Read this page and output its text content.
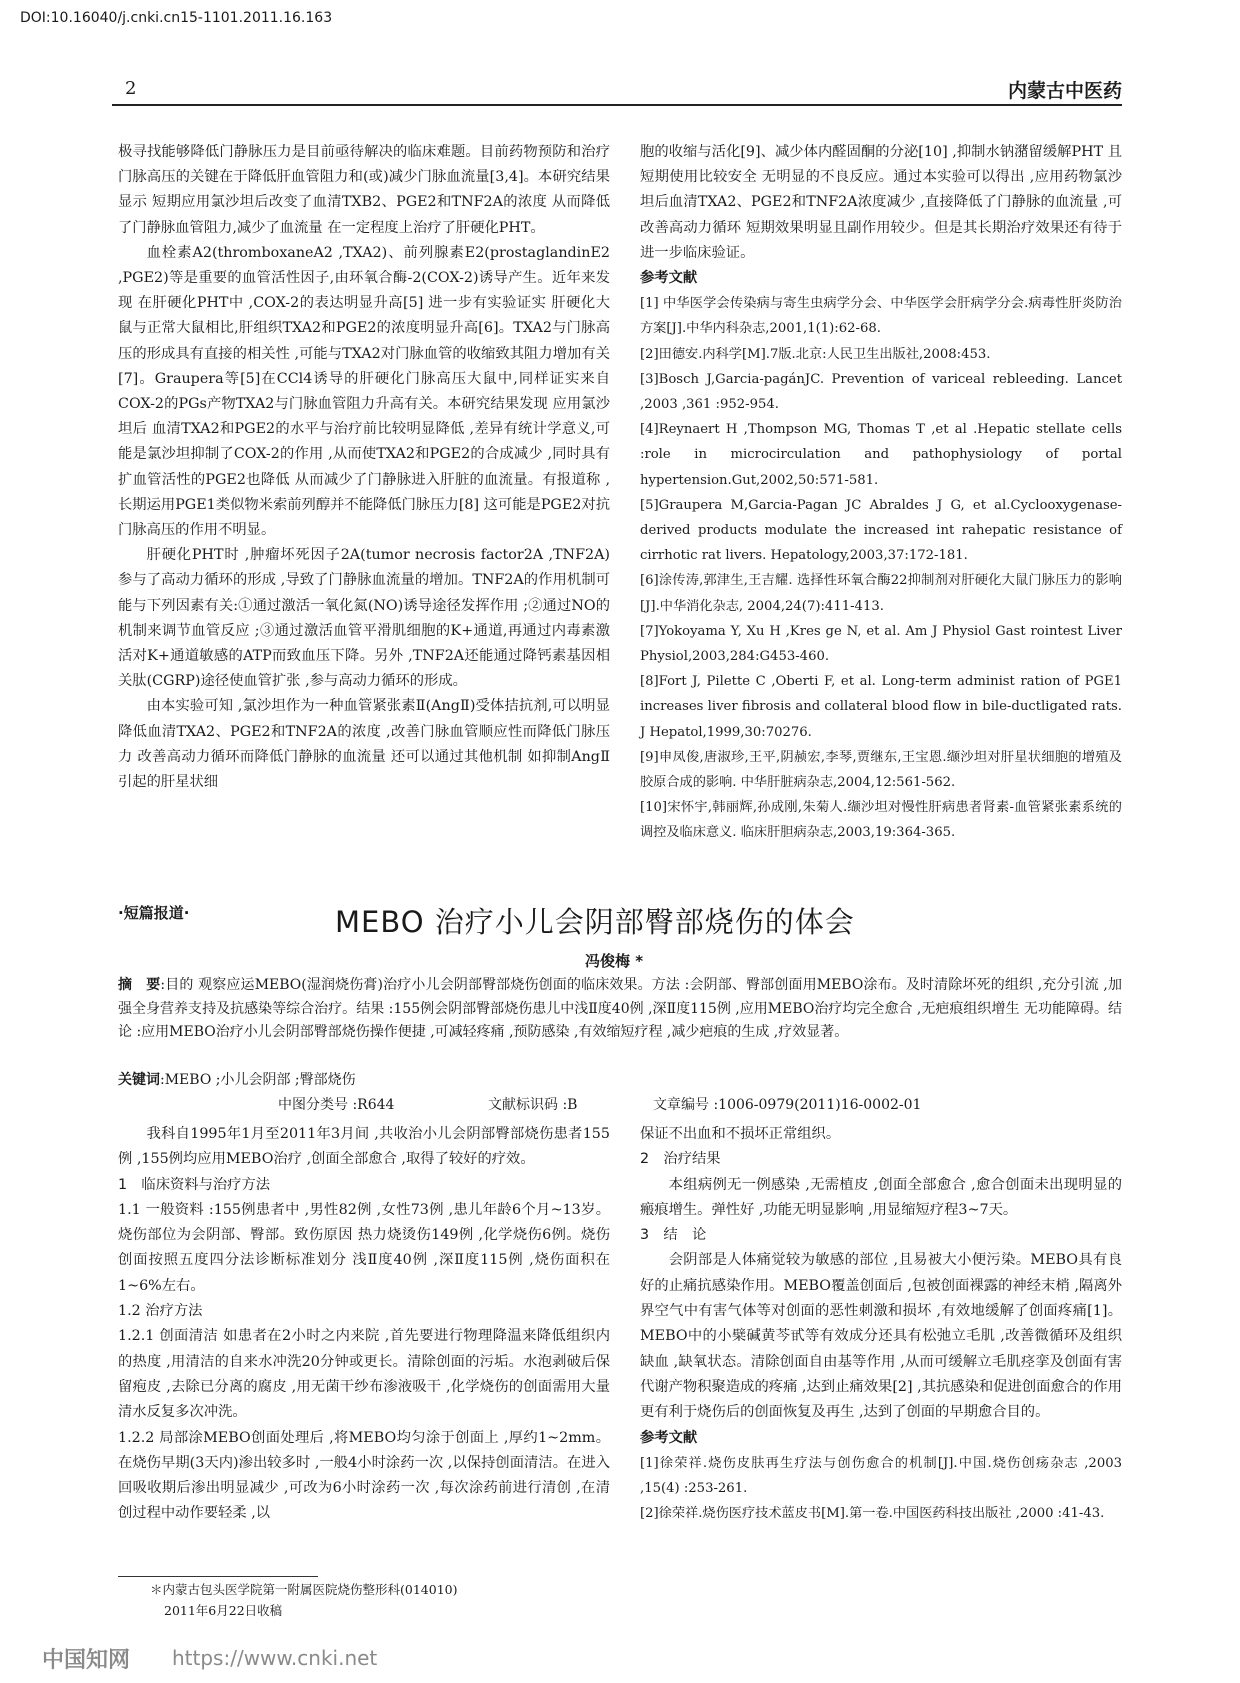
DOI:10.16040/j.cnki.cn15-1101.2011.16.163
2	内蒙古中医药

极寻找能够降低门静脉压力是目前亟待解决的临床难题。目前药物预防和治疗门脉高压的关键在于降低肝血管阻力和(或)减少门脉血流量[3,4]。本研究结果显示 短期应用氯沙坦后改变了血清TXB2、PGE2和TNF2A的浓度 从而降低了门静脉血管阻力,减少了血流量 在一定程度上治疗了肝硬化PHT。

血栓素A2(thromboxaneA2 ,TXA2)、前列腺素E2(prostaglandinE2 ,PGE2)等是重要的血管活性因子,由环氧合酶-2(COX-2)诱导产生。近年来发现 在肝硬化PHT中 ,COX-2的表达明显升高[5] 进一步有实验证实 肝硬化大鼠与正常大鼠相比,肝组织TXA2和PGE2的浓度明显升高[6]。TXA2与门脉高压的形成具有直接的相关性 ,可能与TXA2对门脉血管的收缩致其阻力增加有关[7]。Graupera等[5]在CCl4诱导的肝硬化门脉高压大鼠中,同样证实来自COX-2的PGs产物TXA2与门脉血管阻力升高有关。本研究结果发现 应用氯沙坦后 血清TXA2和PGE2的水平与治疗前比较明显降低 ,差异有统计学意义,可能是氯沙坦抑制了COX-2的作用 ,从而使TXA2和PGE2的合成减少 ,同时具有扩血管活性的PGE2也降低 从而减少了门静脉进入肝脏的血流量。有报道称 ,长期运用PGE1类似物米索前列醇并不能降低门脉压力[8] 这可能是PGE2对抗门脉高压的作用不明显。

肝硬化PHT时 ,肿瘤坏死因子2A(tumor necrosis factor2A ,TNF2A)参与了高动力循环的形成 ,导致了门静脉血流量的增加。TNF2A的作用机制可能与下列因素有关:①通过激活一氧化氮(NO)诱导途径发挥作用 ;②通过NO的机制来调节血管反应 ;③通过激活血管平滑肌细胞的K+通道,再通过内毒素激活对K+通道敏感的ATP而致血压下降。另外 ,TNF2A还能通过降钙素基因相关肽(CGRP)途径使血管扩张 ,参与高动力循环的形成。

由本实验可知 ,氯沙坦作为一种血管紧张素Ⅱ(AngⅡ)受体拮抗剂,可以明显降低血清TXA2、PGE2和TNF2A的浓度 ,改善门脉血管顺应性而降低门脉压力 改善高动力循环而降低门静脉的血流量 还可以通过其他机制 如抑制AngⅡ引起的肝星状细

胞的收缩与活化[9]、减少体内醛固酮的分泌[10] ,抑制水钠潴留缓解PHT 且短期使用比较安全 无明显的不良反应。通过本实验可以得出 ,应用药物氯沙坦后血清TXA2、PGE2和TNF2A浓度减少 ,直接降低了门静脉的血流量 ,可改善高动力循环 短期效果明显且副作用较少。但是其长期治疗效果还有待于进一步临床验证。

参考文献

[1] 中华医学会传染病与寄生虫病学分会、中华医学会肝病学分会.病毒性肝炎防治方案[J].中华内科杂志,2001,1(1):62-68.

[2]田德安.内科学[M].7版.北京:人民卫生出版社,2008:453.

[3]Bosch J,Garcia-pagánJC. Prevention of variceal rebleeding. Lancet ,2003 ,361 :952-954.

[4]Reynaert H ,Thompson MG, Thomas T ,et al .Hepatic stellate cells :role in microcirculation and pathophysiology of portal hypertension.Gut,2002,50:571-581.

[5]Graupera M,Garcia-Pagan JC Abraldes J G, et al.Cyclooxygenase-derived products modulate the increased int rahepatic resistance of cirrhotic rat livers. Hepatology,2003,37:172-181.

[6]涂传涛,郭津生,王吉耀. 选择性环氧合酶22抑制剂对肝硬化大鼠门脉压力的影响[J].中华消化杂志, 2004,24(7):411-413.

[7]Yokoyama Y, Xu H ,Kres ge N, et al. Am J Physiol Gast rointest Liver Physiol,2003,284:G453-460.

[8]Fort J, Pilette C ,Oberti F, et al. Long-term administ ration of PGE1 increases liver fibrosis and collateral blood flow in bile-ductligated rats. J Hepatol,1999,30:70276.

[9]申凤俊,唐淑珍,王平,阴赪宏,李琴,贾继东,王宝恩.缬沙坦对肝星状细胞的增殖及胶原合成的影响. 中华肝脏病杂志,2004,12:561-562.

[10]宋怀宇,韩丽辉,孙成刚,朱菊人.缬沙坦对慢性肝病患者肾素-血管紧张素系统的调控及临床意义. 临床肝胆病杂志,2003,19:364-365.

·短篇报道·	MEBO 治疗小儿会阴部臀部烧伤的体会
冯俊梅 *
摘　要:目的 观察应运MEBO(湿润烧伤膏)治疗小儿会阴部臀部烧伤创面的临床效果。方法 :会阴部、臀部创面用MEBO涂布。及时清除坏死的组织 ,充分引流 ,加强全身营养支持及抗感染等综合治疗。结果 :155例会阴部臀部烧伤患儿中浅Ⅱ度40例 ,深Ⅱ度115例 ,应用MEBO治疗均完全愈合 ,无疤痕组织增生 无功能障碍。结论 :应用MEBO治疗小儿会阴部臀部烧伤操作便捷 ,可减轻疼痛 ,预防感染 ,有效缩短疗程 ,减少疤痕的生成 ,疗效显著。
关键词:MEBO ;小儿会阴部 ;臀部烧伤
中图分类号 :R644	文献标识码 :B	文章编号 :1006-0979(2011)16-0002-01

我科自1995年1月至2011年3月间 ,共收治小儿会阴部臀部烧伤患者155例 ,155例均应用MEBO治疗 ,创面全部愈合 ,取得了较好的疗效。

1　临床资料与治疗方法

1.1 一般资料 :155例患者中 ,男性82例 ,女性73例 ,患儿年龄6个月~13岁。烧伤部位为会阴部、臀部。致伤原因 热力烧烫伤149例 ,化学烧伤6例。烧伤创面按照五度四分法诊断标准划分 浅Ⅱ度40例 ,深Ⅱ度115例 ,烧伤面积在1~6%左右。

1.2 治疗方法

1.2.1 创面清洁 如患者在2小时之内来院 ,首先要进行物理降温来降低组织内的热度 ,用清洁的自来水冲洗20分钟或更长。清除创面的污垢。水泡剥破后保留疱皮 ,去除已分离的腐皮 ,用无菌干纱布渗液吸干 ,化学烧伤的创面需用大量清水反复多次冲洗。

1.2.2 局部涂MEBO创面处理后 ,将MEBO均匀涂于创面上 ,厚约1~2mm。在烧伤早期(3天内)渗出较多时 ,一般4小时涂药一次 ,以保持创面清洁。在进入回吸收期后渗出明显减少 ,可改为6小时涂药一次 ,每次涂药前进行清创 ,在清创过程中动作要轻柔 ,以

保证不出血和不损坏正常组织。

2　治疗结果

本组病例无一例感染 ,无需植皮 ,创面全部愈合 ,愈合创面未出现明显的瘢痕增生。弹性好 ,功能无明显影响 ,用显缩短疗程3~7天。

3　结　论

会阴部是人体痛觉较为敏感的部位 ,且易被大小便污染。MEBO具有良好的止痛抗感染作用。MEBO覆盖创面后 ,包被创面裸露的神经末梢 ,隔离外界空气中有害气体等对创面的恶性刺激和损坏 ,有效地缓解了创面疼痛[1]。MEBO中的小檗碱黄芩甙等有效成分还具有松弛立毛肌 ,改善微循环及组织缺血 ,缺氧状态。清除创面自由基等作用 ,从而可缓解立毛肌痉挛及创面有害代谢产物积聚造成的疼痛 ,达到止痛效果[2] ,其抗感染和促进创面愈合的作用更有利于烧伤后的创面恢复及再生 ,达到了创面的早期愈合目的。

参考文献

[1]徐荣祥.烧伤皮肤再生疗法与创伤愈合的机制[J].中国.烧伤创疡杂志 ,2003 ,15(4) :253-261.

[2]徐荣祥.烧伤医疗技术蓝皮书[M].第一卷.中国医药科技出版社 ,2000 :41-43.

＊内蒙古包头医学院第一附属医院烧伤整形科(014010)
2011年6月22日收稿
中国知网 https://www.cnki.net
